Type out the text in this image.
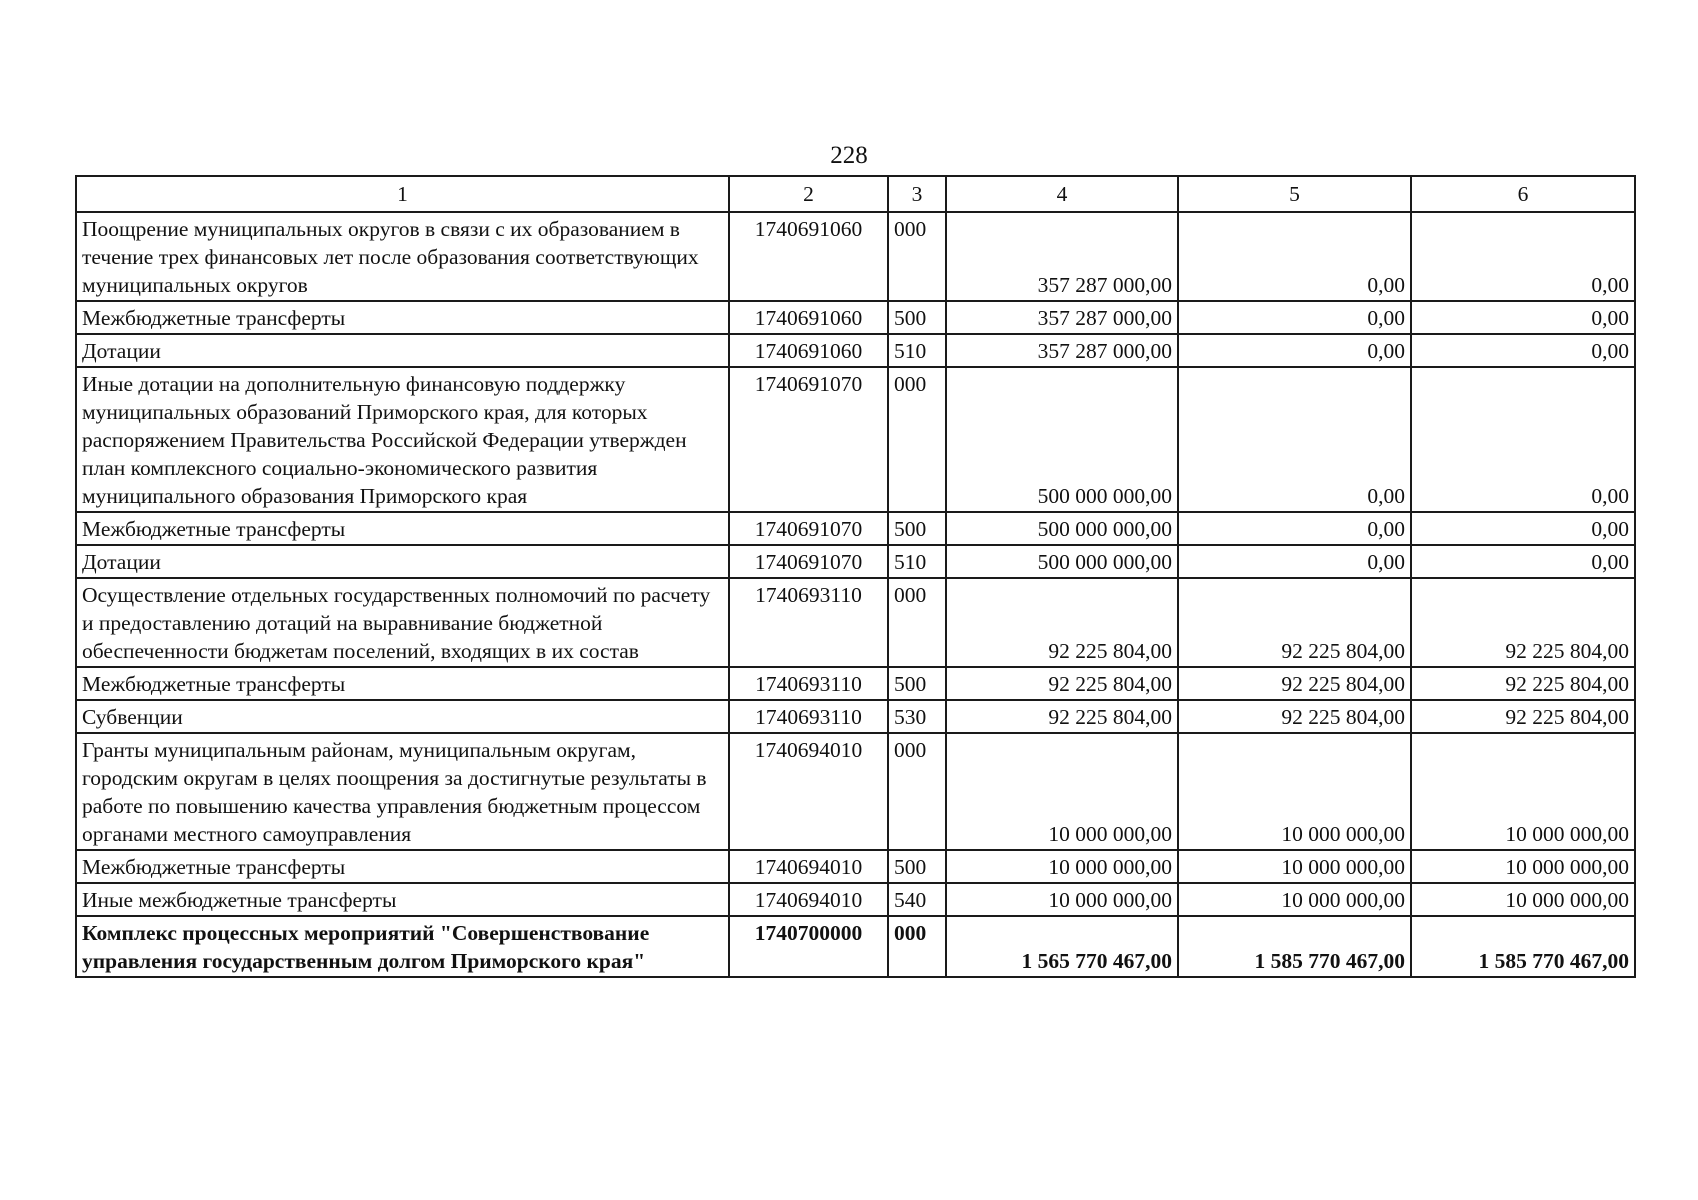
228
1	2	3	4	5	6
Поощрение муниципальных округов в связи с их образованием в течение трех финансовых лет после образования соответствующих муниципальных округов	1740691060	000	357 287 000,00	0,00	0,00
Межбюджетные трансферты	1740691060	500	357 287 000,00	0,00	0,00
Дотации	1740691060	510	357 287 000,00	0,00	0,00
Иные дотации на дополнительную финансовую поддержку муниципальных образований Приморского края, для которых распоряжением Правительства Российской Федерации утвержден план комплексного социально-экономического развития муниципального образования Приморского края	1740691070	000	500 000 000,00	0,00	0,00
Межбюджетные трансферты	1740691070	500	500 000 000,00	0,00	0,00
Дотации	1740691070	510	500 000 000,00	0,00	0,00
Осуществление отдельных государственных полномочий по расчету и предоставлению дотаций на выравнивание бюджетной обеспеченности бюджетам поселений, входящих в их состав	1740693110	000	92 225 804,00	92 225 804,00	92 225 804,00
Межбюджетные трансферты	1740693110	500	92 225 804,00	92 225 804,00	92 225 804,00
Субвенции	1740693110	530	92 225 804,00	92 225 804,00	92 225 804,00
Гранты муниципальным районам, муниципальным округам, городским округам в целях поощрения за достигнутые результаты в работе по повышению качества управления бюджетным процессом органами местного самоуправления	1740694010	000	10 000 000,00	10 000 000,00	10 000 000,00
Межбюджетные трансферты	1740694010	500	10 000 000,00	10 000 000,00	10 000 000,00
Иные межбюджетные трансферты	1740694010	540	10 000 000,00	10 000 000,00	10 000 000,00
Комплекс процессных мероприятий "Совершенствование управления государственным долгом Приморского края"	1740700000	000	1 565 770 467,00	1 585 770 467,00	1 585 770 467,00
